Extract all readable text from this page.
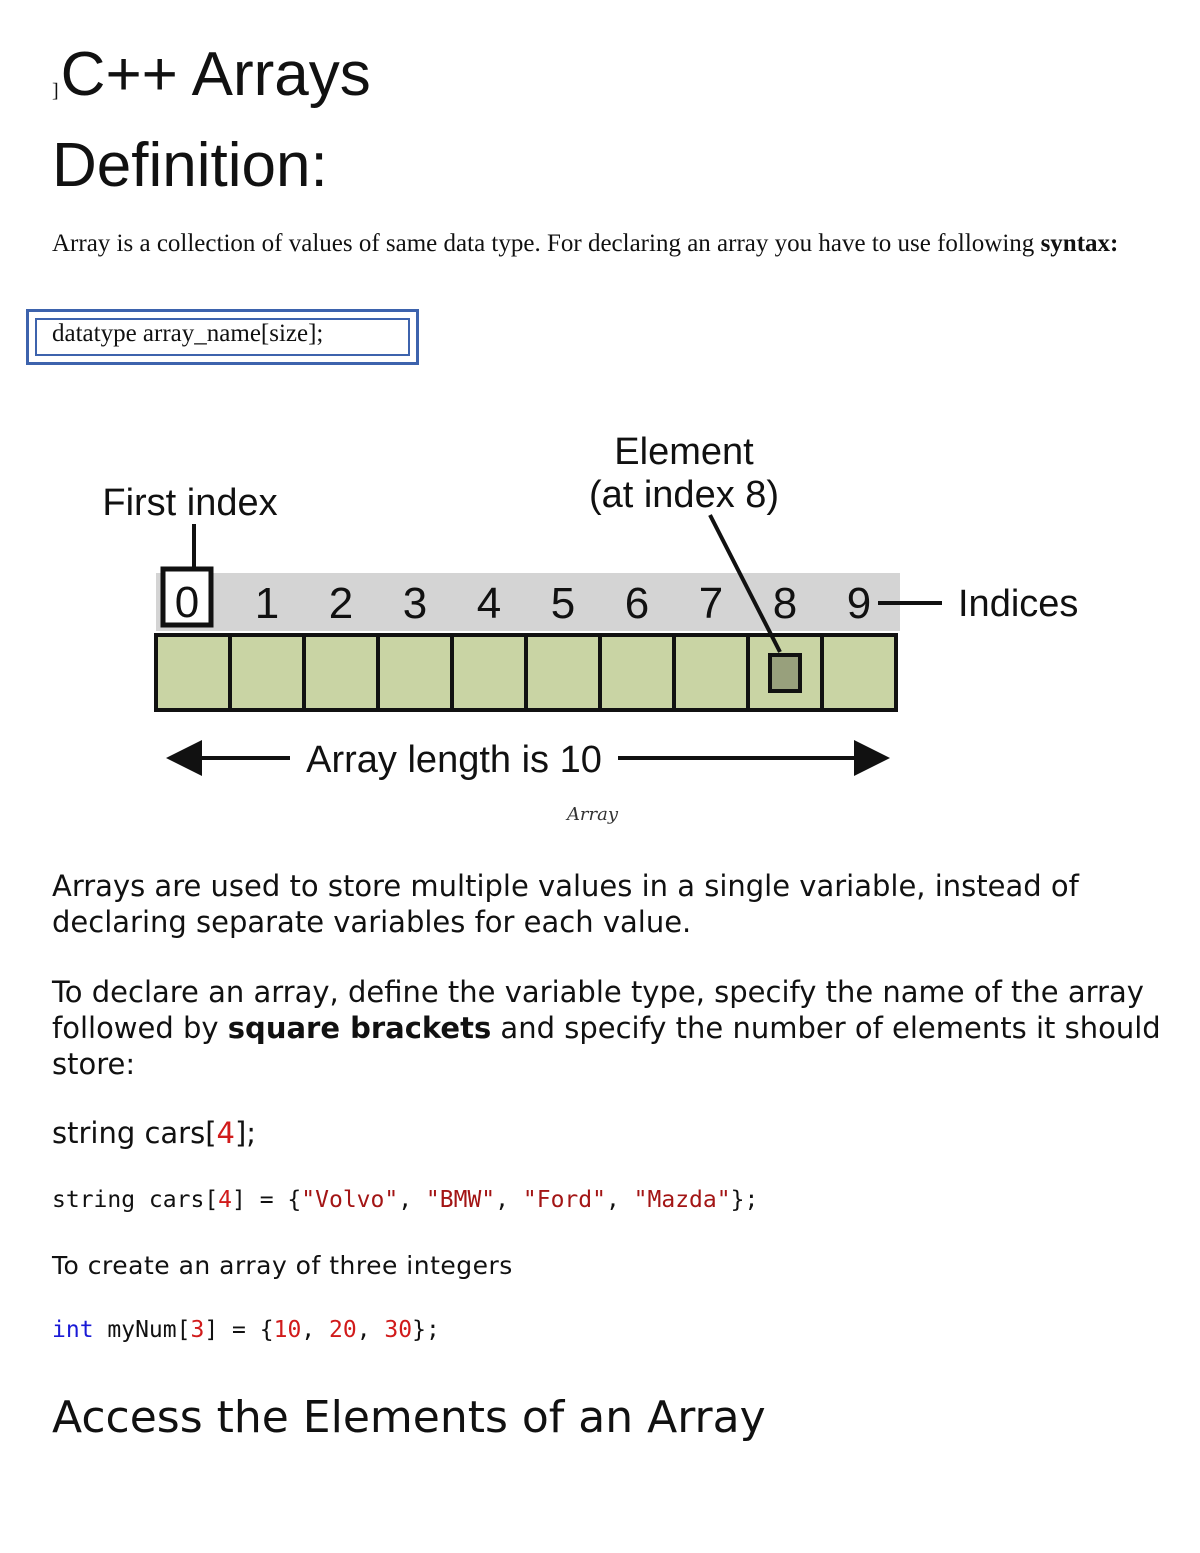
]C++ Arrays
Definition:
Array is a collection of values of same data type. For declaring an array you have to use following syntax:
datatype array_name[size];
1 2 3 4 5 6 7 8 9
0
First index
Element
(at index 8)
Indices
Array length is 10
Array
Arrays are used to store multiple values in a single variable, instead of declaring separate variables for each value.
To declare an array, define the variable type, specify the name of the array followed by square brackets and specify the number of elements it should store:
string cars[4];
string cars[4] = {"Volvo", "BMW", "Ford", "Mazda"};
To create an array of three integers
int myNum[3] = {10, 20, 30};
Access the Elements of an Array
